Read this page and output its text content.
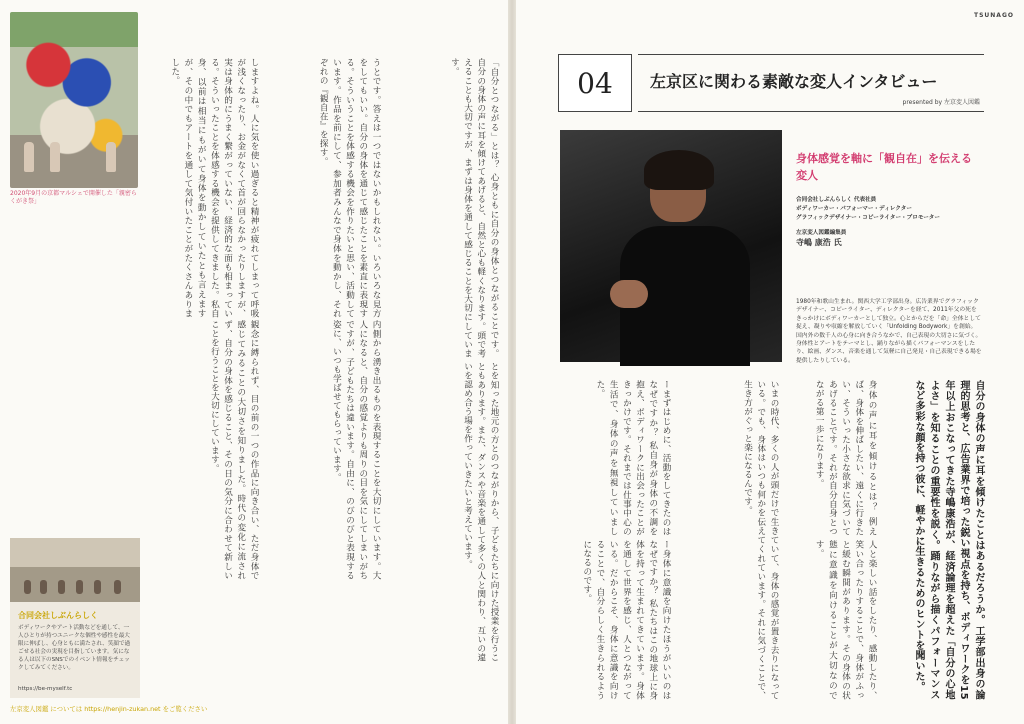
2020年9月の京都マルシェで開催した「親密らくがき祭」	しますよね。人に気を使い過ぎると精神が疲れてしまって呼吸が浅くなったり、お金がなくて首が回らなかったりしますが、実は身体的にうまく繋がっていない、経済的な面も相まっている。そういったことを体感する機会を提供してきました。私自身、以前は相当にもがいて身体を動かしていたとも言えますが、その中でもアートを通して気付いたことがたくさんありました。
観念に縛られず、目の前の一つの作品に向き合い、ただ身体で感じてみることの大切さを知りました。時代の変化に流されず、自分の身体を感じること、その日の気分に合わせて新しいことを行うことを大切にしています。
うとです。答えは一つではないかもしれない。いろいろな見方をしてもいい。自分の身体を通じて感じたことを素直に表現する。そういうことを体感する機会を作りたいと思い、活動しています。作品を前にして、参加者みんなで身体を動かし、それぞれの『観自在』を探す。
内側から湧き出るものを表現することを大切にしています。大人になると、自分の感覚よりも周りの目を気にしてしまいがちですが、子どもたちは違います。自由に、のびのびと表現する姿に、いつも学ばせてもらっています。
「自分とつながる」とは？ 心身ともに自分の身体とつながることです。自分の身体の声に耳を傾けてあげると、自然と心も軽くなります。頭で考えることも大切ですが、まずは身体を通して感じることを大切にしています。
とを知った地元の方とのつながりから、子どもたちに向けた授業を行うこともあります。また、ダンスや音楽を通して多くの人と関わり、互いの違いを認め合う場を作っていきたいと考えています。
合同会社しぶんらしく
ボディワークやアート活動などを通して、一人ひとりが持つユニークな個性や感性を最大限に伸ばし、心身ともに満たされ、笑顔で過ごせる社会の実現を目指しています。気になる人は以下のSNSでのイベント情報をチェックしてみてください。
https://be-myself.tc
左京変人図鑑 については https://henjin-zukan.net をご覧ください
TSUNAGO
04	左京区に関わる素敵な変人インタビュー
presented by 左京変人図鑑
身体感覚を軸に「観自在」を伝える変人
合同会社しぶんらしく 代表社員
ボディワーカー・パフォーマー・ディレクター
グラフィックデザイナー・コピーライター・プロモーター
左京変人図鑑編集員
寺嶋 康浩 氏
1980年和歌山生まれ。関西大学工学部出身。広告業界でグラフィックデザイナー、コピーライター、ディレクターを経て、2011年父の死をきっかけにボディワーカーとして独立。心とからだを「命」全体として捉え、凝りや収縮を解放していく「Unfolding Bodywork」を創始。国内外の数千人の心身に向き合うなかで、自己表現の大切さに気づく。身体性とアートをテーマとし、踊りながら描くパフォーマンスをしたり、絵画、ダンス、音楽を通して気軽に自己発見・自己表現できる場を提供したりしている。
自分の身体の声に耳を傾けたことはあるだろうか。工学部出身の論理的思考と、広告業界で培った鋭い視点を持ち、ボディワークを15年以上おこなってきた寺嶋康浩が、経済論理を超えた「自分の心地よさ」を知ることの重要性を説く。踊りながら描くパフォーマンスなど多彩な顔を持つ彼に、軽やかに生きるためのヒントを聞いた。
人と楽しい話をしたり、感動したり、笑い合ったりすることで、身体がふっと緩む瞬間があります。その身体の状態に意識を向けることが大切なのです。
身体の声に耳を傾けるとは？ 例えば、身体を伸ばしたい、遠くに行きたい、そういった小さな欲求に気づいてあげることです。それが自分自身とつながる第一歩になります。
いまの時代、多くの人が頭だけで生きていて、身体の感覚が置き去りになっている。でも、身体はいつも何かを伝えてくれています。それに気づくことで、生き方がぐっと楽になるんです。
ーまずはじめに、活動をしてきたのはなぜですか？ 私自身が身体の不調を抱え、ボディワークに出会ったことがきっかけです。それまでは仕事中心の生活で、身体の声を無視していました。
ー身体に意識を向けたほうがいいのはなぜですか？ 私たちはこの地球上に身体を持って生まれてきています。身体を通して世界を感じ、人とつながっている。だからこそ、身体に意識を向けることで、自分らしく生きられるようになるのです。
